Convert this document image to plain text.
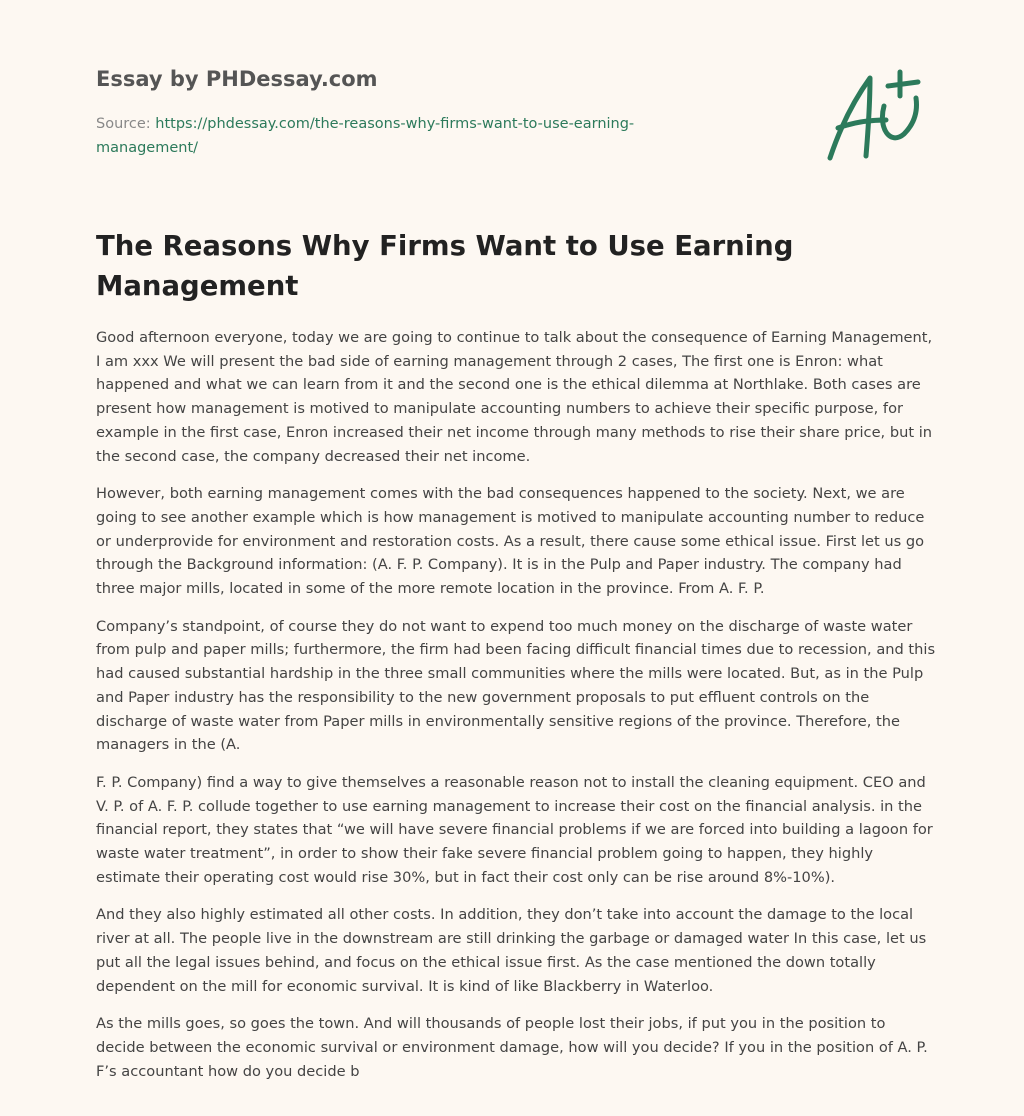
Essay by PHDessay.com
Source: https://phdessay.com/the-reasons-why-firms-want-to-use-earning-management/
The Reasons Why Firms Want to Use Earning Management

Good afternoon everyone, today we are going to continue to talk about the consequence of Earning Management, I am xxx We will present the bad side of earning management through 2 cases, The first one is Enron: what happened and what we can learn from it and the second one is the ethical dilemma at Northlake. Both cases are present how management is motived to manipulate accounting numbers to achieve their specific purpose, for example in the first case, Enron increased their net income through many methods to rise their share price, but in the second case, the company decreased their net income.

However, both earning management comes with the bad consequences happened to the society. Next, we are going to see another example which is how management is motived to manipulate accounting number to reduce or underprovide for environment and restoration costs. As a result, there cause some ethical issue. First let us go through the Background information: (A. F. P. Company). It is in the Pulp and Paper industry. The company had three major mills, located in some of the more remote location in the province. From A. F. P.

Company’s standpoint, of course they do not want to expend too much money on the discharge of waste water from pulp and paper mills; furthermore, the firm had been facing difficult financial times due to recession, and this had caused substantial hardship in the three small communities where the mills were located. But, as in the Pulp and Paper industry has the responsibility to the new government proposals to put effluent controls on the discharge of waste water from Paper mills in environmentally sensitive regions of the province. Therefore, the managers in the (A.

F. P. Company) find a way to give themselves a reasonable reason not to install the cleaning equipment. CEO and V. P. of A. F. P. collude together to use earning management to increase their cost on the financial analysis. in the financial report, they states that “we will have severe financial problems if we are forced into building a lagoon for waste water treatment”, in order to show their fake severe financial problem going to happen, they highly estimate their operating cost would rise 30%, but in fact their cost only can be rise around 8%-10%).

And they also highly estimated all other costs. In addition, they don’t take into account the damage to the local river at all. The people live in the downstream are still drinking the garbage or damaged water In this case, let us put all the legal issues behind, and focus on the ethical issue first. As the case mentioned the down totally dependent on the mill for economic survival. It is kind of like Blackberry in Waterloo.

As the mills goes, so goes the town. And will thousands of people lost their jobs, if put you in the position to decide between the economic survival or environment damage, how will you decide? If you in the position of A. P. F’s accountant how do you decide b
